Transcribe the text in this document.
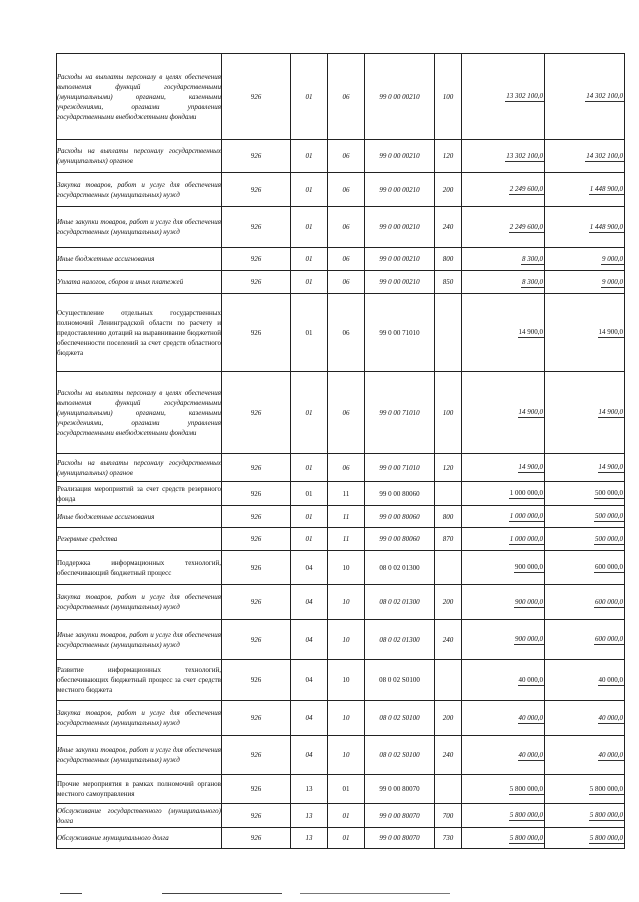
Расходы на выплаты персоналу в целях обеспечения выполнения функций государственными (муниципальными) органами, казенными учреждениями, органами управления государственными внебюджетными фондами	926	01	06	99 0 00 00210	100	13 302 100,0	14 302 100,0

Расходы на выплаты персоналу государственных (муниципальных) органов	926	01	06	99 0 00 00210	120	13 302 100,0	14 302 100,0

Закупка товаров, работ и услуг для обеспечения государственных (муниципальных) нужд	926	01	06	99 0 00 00210	200	2 249 600,0	1 448 900,0

Иные закупки товаров, работ и услуг для обеспечения государственных (муниципальных) нужд	926	01	06	99 0 00 00210	240	2 249 600,0	1 448 900,0

Иные бюджетные ассигнования	926	01	06	99 0 00 00210	800	8 300,0	9 000,0

Уплата налогов, сборов и иных платежей	926	01	06	99 0 00 00210	850	8 300,0	9 000,0

Осуществление отдельных государственных полномочий Ленинградской области по расчету и предоставлению дотаций на выравнивание бюджетной обеспеченности поселений за счет средств областного бюджета	926	01	06	99 0 00 71010		14 900,0	14 900,0

Расходы на выплаты персоналу в целях обеспечения выполнения функций государственными (муниципальными) органами, казенными учреждениями, органами управления государственными внебюджетными фондами	926	01	06	99 0 00 71010	100	14 900,0	14 900,0

Расходы на выплаты персоналу государственных (муниципальных) органов	926	01	06	99 0 00 71010	120	14 900,0	14 900,0

Реализация мероприятий за счет средств резервного фонда	926	01	11	99 0 00 80060		1 000 000,0	500 000,0

Иные бюджетные ассигнования	926	01	11	99 0 00 80060	800	1 000 000,0	500 000,0

Резервные средства	926	01	11	99 0 00 80060	870	1 000 000,0	500 000,0

Поддержка информационных технологий, обеспечивающий бюджетный процесс	926	04	10	08 0 02 01300		900 000,0	600 000,0

Закупка товаров, работ и услуг для обеспечения государственных (муниципальных) нужд	926	04	10	08 0 02 01300	200	900 000,0	600 000,0

Иные закупки товаров, работ и услуг для обеспечения государственных (муниципальных) нужд	926	04	10	08 0 02 01300	240	900 000,0	600 000,0

Развитие информационных технологий, обеспечивающих бюджетный процесс за счет средств местного бюджета	926	04	10	08 0 02 S0100		40 000,0	40 000,0

Закупка товаров, работ и услуг для обеспечения государственных (муниципальных) нужд	926	04	10	08 0 02 S0100	200	40 000,0	40 000,0

Иные закупки товаров, работ и услуг для обеспечения государственных (муниципальных) нужд	926	04	10	08 0 02 S0100	240	40 000,0	40 000,0

Прочие мероприятия в рамках полномочий органов местного самоуправления	926	13	01	99 0 00 80070		5 800 000,0	5 800 000,0

Обслуживание государственного (муниципального) долга	926	13	01	99 0 00 80070	700	5 800 000,0	5 800 000,0

Обслуживание муниципального долга	926	13	01	99 0 00 80070	730	5 800 000,0	5 800 000,0
